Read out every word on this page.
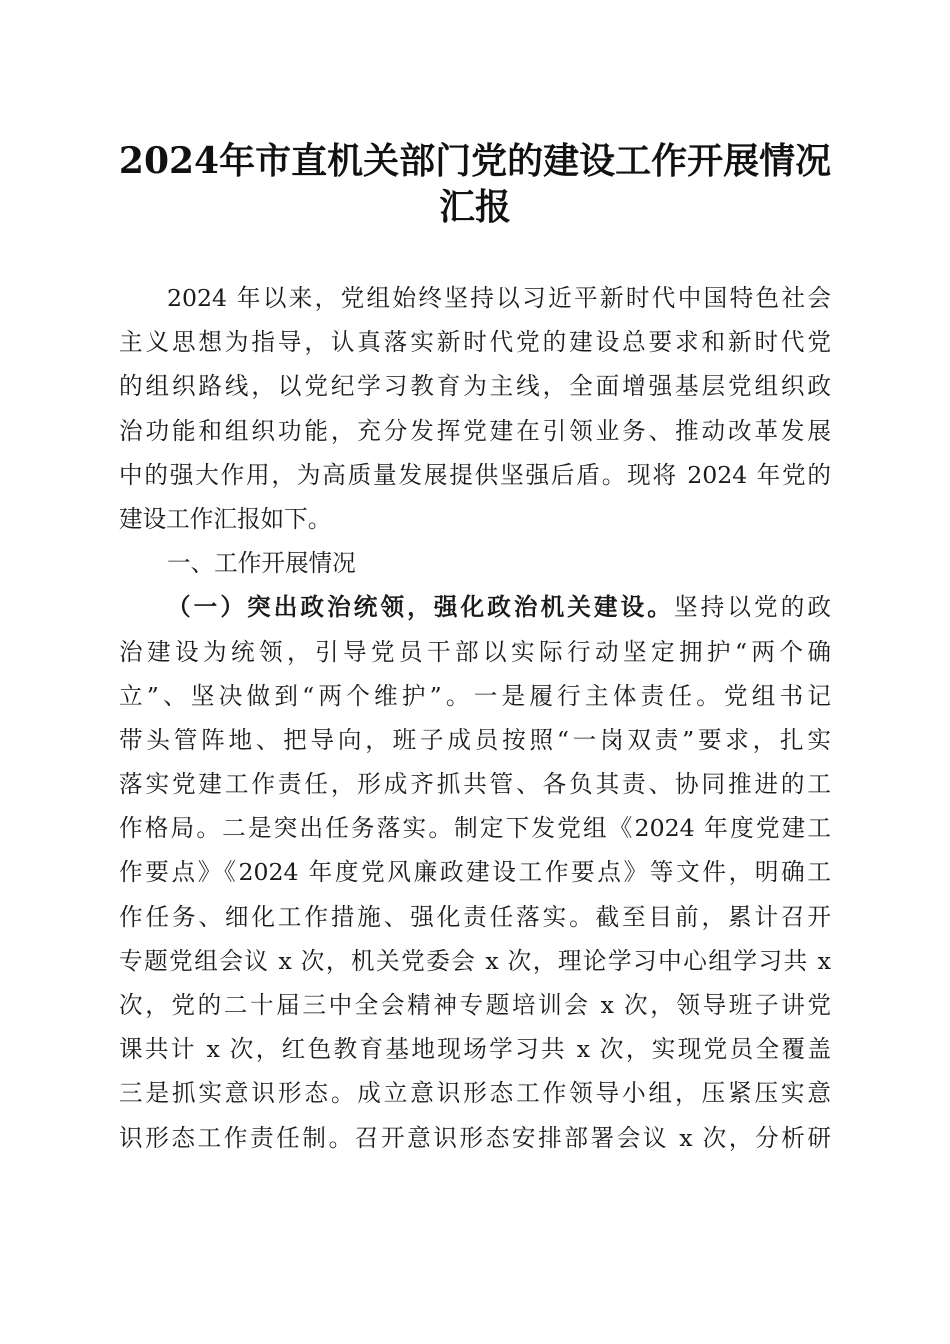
2024年市直机关部门党的建设工作开展情况
汇报
2024 年以来，党组始终坚持以习近平新时代中国特色社会
主义思想为指导，认真落实新时代党的建设总要求和新时代党
的组织路线，以党纪学习教育为主线，全面增强基层党组织政
治功能和组织功能，充分发挥党建在引领业务、推动改革发展
中的强大作用，为高质量发展提供坚强后盾。现将 2024 年党的
建设工作汇报如下。
一、工作开展情况
（一）突出政治统领，强化政治机关建设。坚持以党的政
治建设为统领，引导党员干部以实际行动坚定拥护“两个确
立”、坚决做到“两个维护”。一是履行主体责任。党组书记
带头管阵地、把导向，班子成员按照“一岗双责”要求，扎实
落实党建工作责任，形成齐抓共管、各负其责、协同推进的工
作格局。二是突出任务落实。制定下发党组《2024 年度党建工
作要点》《2024 年度党风廉政建设工作要点》等文件，明确工
作任务、细化工作措施、强化责任落实。截至目前，累计召开
专题党组会议 x 次，机关党委会 x 次，理论学习中心组学习共 x
次，党的二十届三中全会精神专题培训会 x 次，领导班子讲党
课共计 x 次，红色教育基地现场学习共 x 次，实现党员全覆盖
三是抓实意识形态。成立意识形态工作领导小组，压紧压实意
识形态工作责任制。召开意识形态安排部署会议 x 次，分析研
